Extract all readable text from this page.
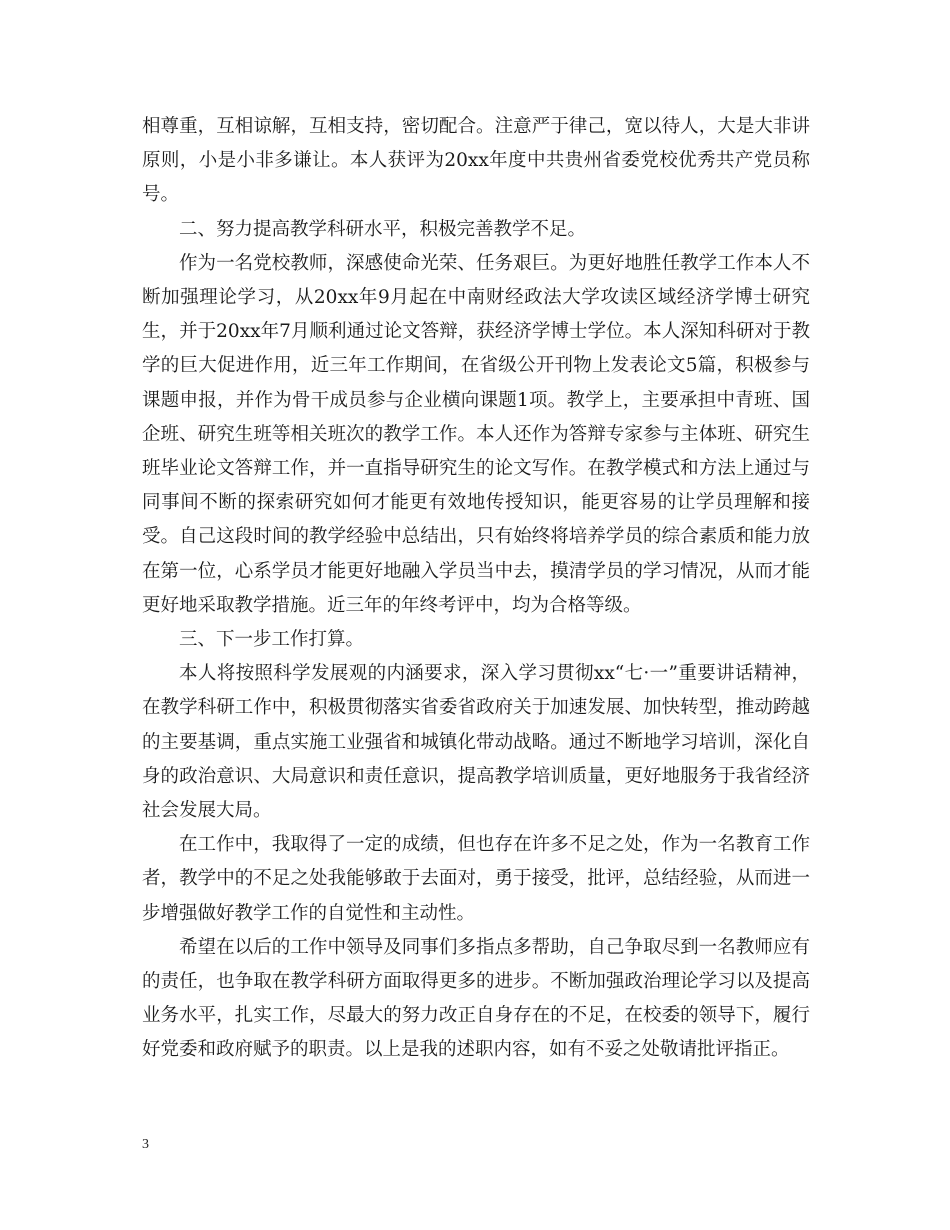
相尊重，互相谅解，互相支持，密切配合。注意严于律己，宽以待人，大是大非讲原则，小是小非多谦让。本人获评为20xx年度中共贵州省委党校优秀共产党员称号。

二、努力提高教学科研水平，积极完善教学不足。

作为一名党校教师，深感使命光荣、任务艰巨。为更好地胜任教学工作本人不断加强理论学习，从20xx年9月起在中南财经政法大学攻读区域经济学博士研究生，并于20xx年7月顺利通过论文答辩，获经济学博士学位。本人深知科研对于教学的巨大促进作用，近三年工作期间，在省级公开刊物上发表论文5篇，积极参与课题申报，并作为骨干成员参与企业横向课题1项。教学上，主要承担中青班、国企班、研究生班等相关班次的教学工作。本人还作为答辩专家参与主体班、研究生班毕业论文答辩工作，并一直指导研究生的论文写作。在教学模式和方法上通过与同事间不断的探索研究如何才能更有效地传授知识，能更容易的让学员理解和接受。自己这段时间的教学经验中总结出，只有始终将培养学员的综合素质和能力放在第一位，心系学员才能更好地融入学员当中去，摸清学员的学习情况，从而才能更好地采取教学措施。近三年的年终考评中，均为合格等级。

三、下一步工作打算。

本人将按照科学发展观的内涵要求，深入学习贯彻xx“七·一”重要讲话精神，在教学科研工作中，积极贯彻落实省委省政府关于加速发展、加快转型，推动跨越的主要基调，重点实施工业强省和城镇化带动战略。通过不断地学习培训，深化自身的政治意识、大局意识和责任意识，提高教学培训质量，更好地服务于我省经济社会发展大局。

在工作中，我取得了一定的成绩，但也存在许多不足之处，作为一名教育工作者，教学中的不足之处我能够敢于去面对，勇于接受，批评，总结经验，从而进一步增强做好教学工作的自觉性和主动性。

希望在以后的工作中领导及同事们多指点多帮助，自己争取尽到一名教师应有的责任，也争取在教学科研方面取得更多的进步。不断加强政治理论学习以及提高业务水平，扎实工作，尽最大的努力改正自身存在的不足，在校委的领导下，履行好党委和政府赋予的职责。以上是我的述职内容，如有不妥之处敬请批评指正。

3
